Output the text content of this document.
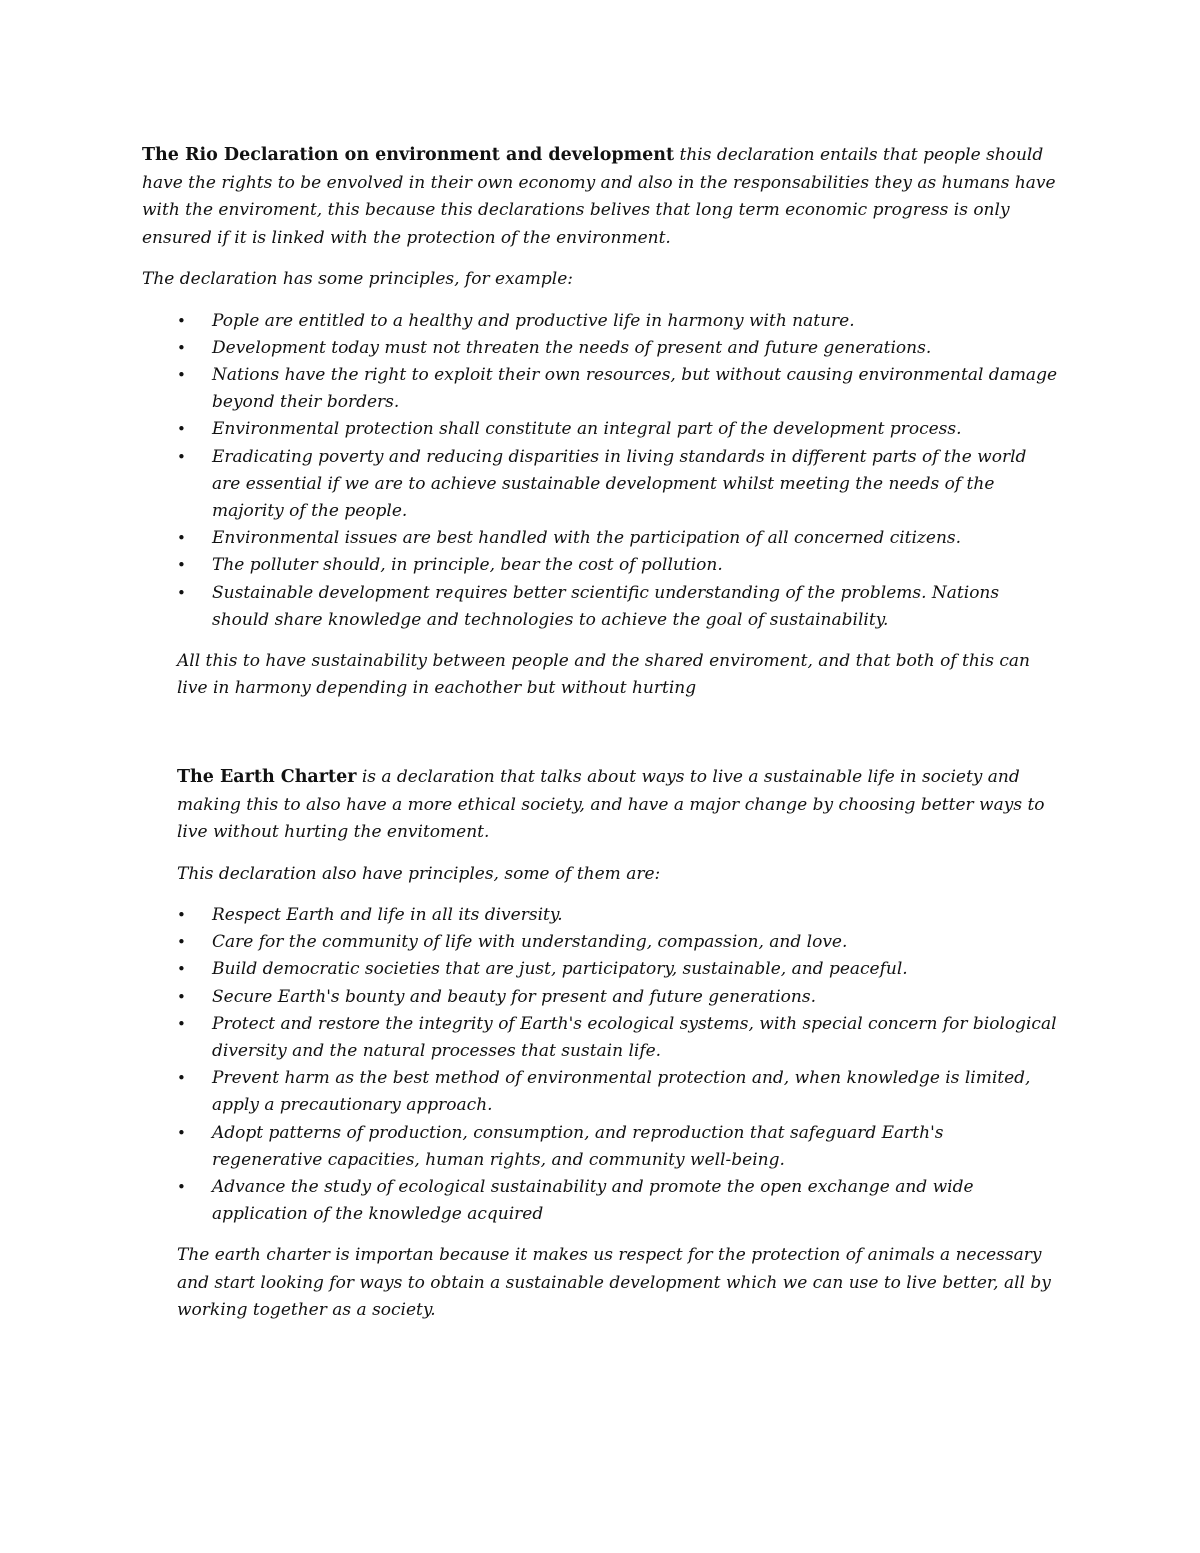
The Rio Declaration on environment and development this declaration entails that people should have the rights to be envolved in their own economy and also in the responsabilities they as humans have with the enviroment, this because this declarations belives that long term economic progress is only ensured if it is linked with the protection of the environment.

The declaration has some principles, for example:

• Pople are entitled to a healthy and productive life in harmony with nature.
• Development today must not threaten the needs of present and future generations.
• Nations have the right to exploit their own resources, but without causing environmental damage beyond their borders.
• Environmental protection shall constitute an integral part of the development process.
• Eradicating poverty and reducing disparities in living standards in different parts of the world are essential if we are to achieve sustainable development whilst meeting the needs of the majority of the people.
• Environmental issues are best handled with the participation of all concerned citizens.
• The polluter should, in principle, bear the cost of pollution.
• Sustainable development requires better scientific understanding of the problems. Nations should share knowledge and technologies to achieve the goal of sustainability.

All this to have sustainability between people and the shared enviroment, and that both of this can live in harmony depending in eachother but without hurting

The Earth Charter is a declaration that talks about ways to live a sustainable life in society and making this to also have a more ethical society, and have a major change by choosing better ways to live without hurting the envitoment.

This declaration also have principles, some of them are:

• Respect Earth and life in all its diversity.
• Care for the community of life with understanding, compassion, and love.
• Build democratic societies that are just, participatory, sustainable, and peaceful.
• Secure Earth's bounty and beauty for present and future generations.
• Protect and restore the integrity of Earth's ecological systems, with special concern for biological diversity and the natural processes that sustain life.
• Prevent harm as the best method of environmental protection and, when knowledge is limited, apply a precautionary approach.
• Adopt patterns of production, consumption, and reproduction that safeguard Earth's regenerative capacities, human rights, and community well-being.
• Advance the study of ecological sustainability and promote the open exchange and wide application of the knowledge acquired

The earth charter is importan because it makes us respect for the protection of animals a necessary and start looking for ways to obtain a sustainable development which we can use to live better, all by working together as a society.
